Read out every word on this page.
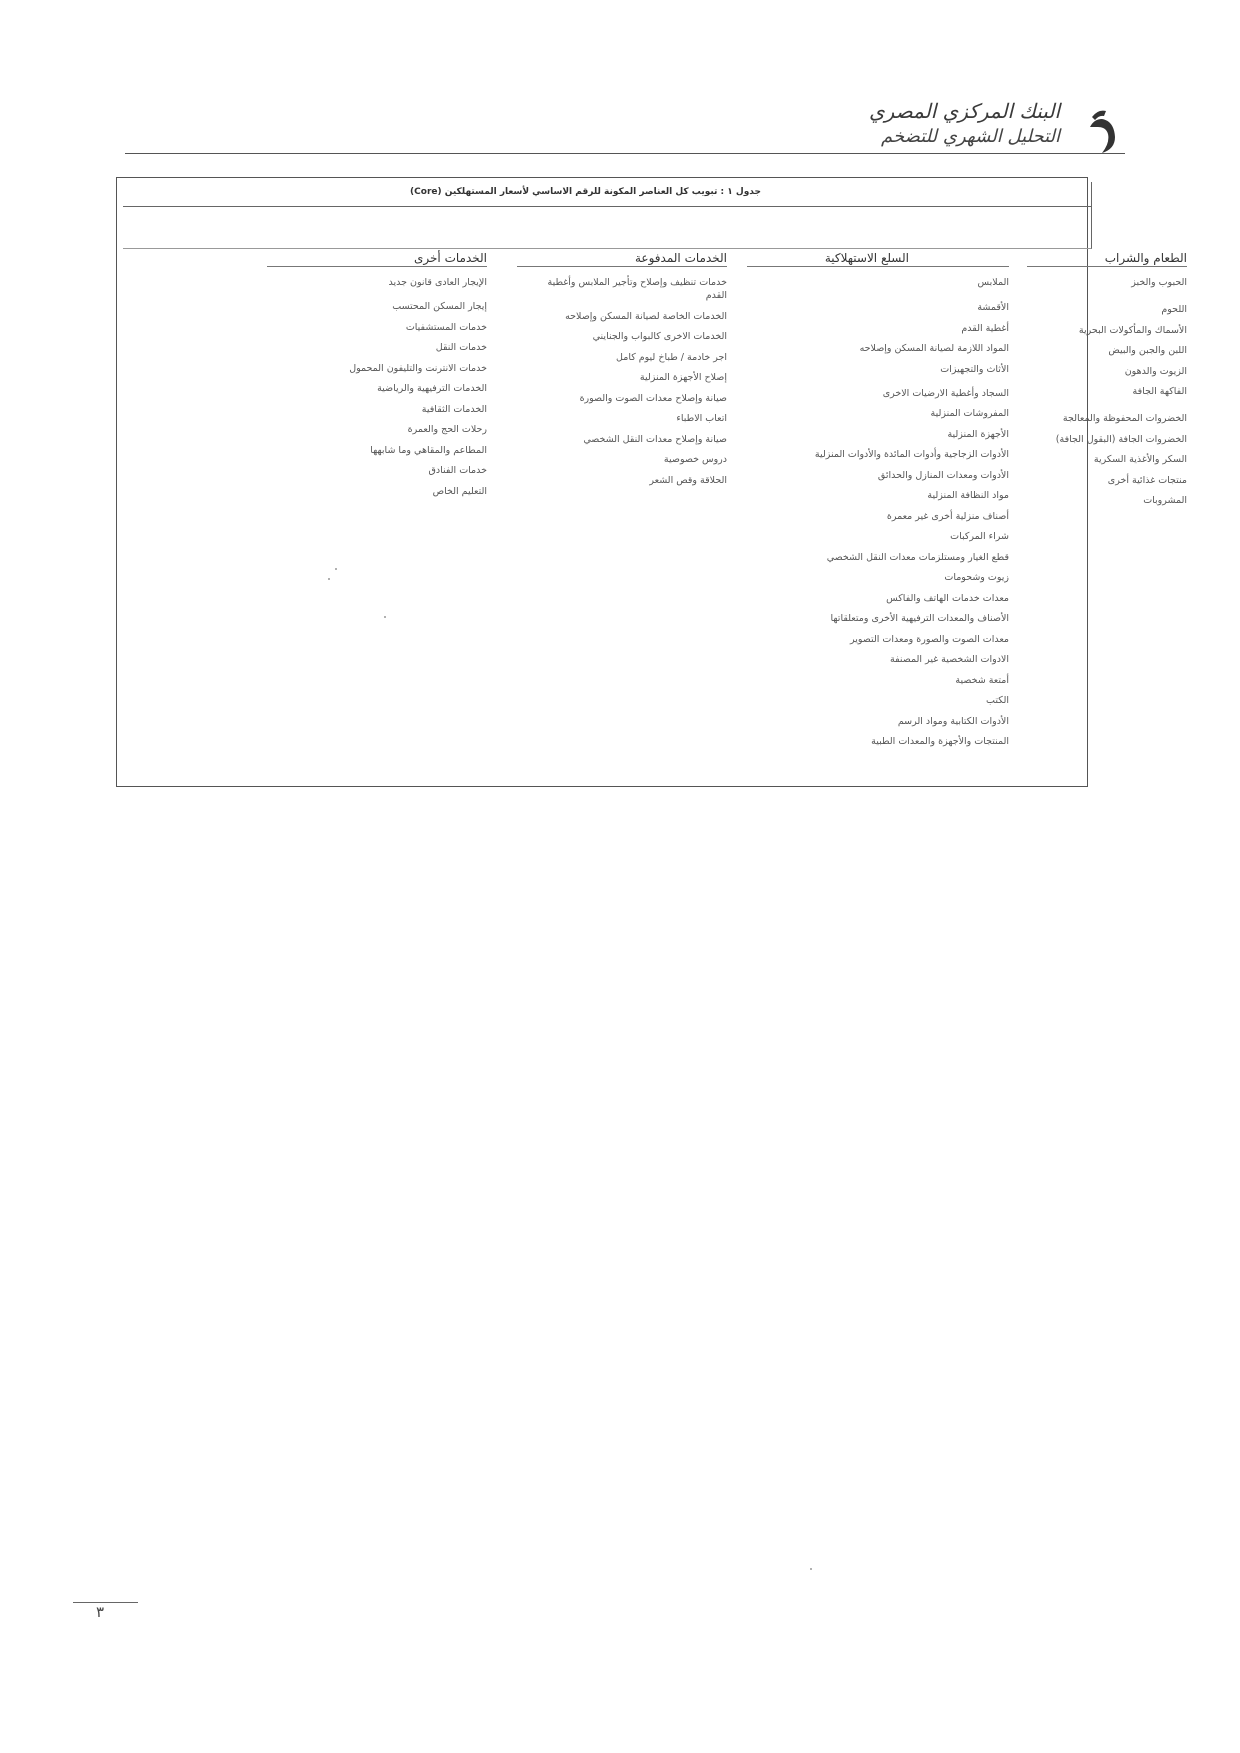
البنك المركزي المصري
التحليل الشهري للتضخم
جدول ١ : تبويب كل العناصر المكونة للرقم الاساسي لأسعار المستهلكين (Core)
الطعام والشراب
الحبوب والخبز
اللحوم
الأسماك والمأكولات البحرية
اللبن والجبن والبيض
الزيوت والدهون
الفاكهة الجافة
الخضروات المحفوظة والمعالجة
الخضروات الجافة (البقول الجافة)
السكر والأغذية السكرية
منتجات غذائية أخرى
المشروبات
السلع الاستهلاكية
الملابس
الأقمشة
أغطية القدم
المواد اللازمة لصيانة المسكن وإصلاحه
الأثاث والتجهيزات
السجاد وأغطية الارضيات الاخرى
المفروشات المنزلية
الأجهزة المنزلية
الأدوات الزجاجية وأدوات المائدة والأدوات المنزلية
الأدوات ومعدات المنازل والحدائق
مواد النظافة المنزلية
أصناف منزلية أخرى غير معمرة
شراء المركبات
قطع الغيار ومستلزمات معدات النقل الشخصي
زيوت وشحومات
معدات خدمات الهاتف والفاكس
الأصناف والمعدات الترفيهية الأخرى ومتعلقاتها
معدات الصوت والصورة ومعدات التصوير
الادوات الشخصية غير المصنفة
أمتعة شخصية
الكتب
الأدوات الكتابية ومواد الرسم
المنتجات والأجهزة والمعدات الطبية
الخدمات المدفوعة
خدمات تنظيف وإصلاح وتأجير الملابس وأغطية القدم
الخدمات الخاصة لصيانة المسكن وإصلاحه
الخدمات الاخرى كالبواب والجنايني
اجر خادمة / طباخ ليوم كامل
إصلاح الأجهزة المنزلية
صيانة وإصلاح معدات الصوت والصورة
اتعاب الاطباء
صيانة وإصلاح معدات النقل الشخصي
دروس خصوصية
الحلاقة وقص الشعر
الخدمات أخرى
الإيجار العادى قانون جديد
إيجار المسكن المحتسب
خدمات المستشفيات
خدمات النقل
خدمات الانترنت والتليفون المحمول
الخدمات الترفيهية والرياضية
الخدمات الثقافية
رحلات الحج والعمرة
المطاعم والمقاهي وما شابهها
خدمات الفنادق
التعليم الخاص
٣
